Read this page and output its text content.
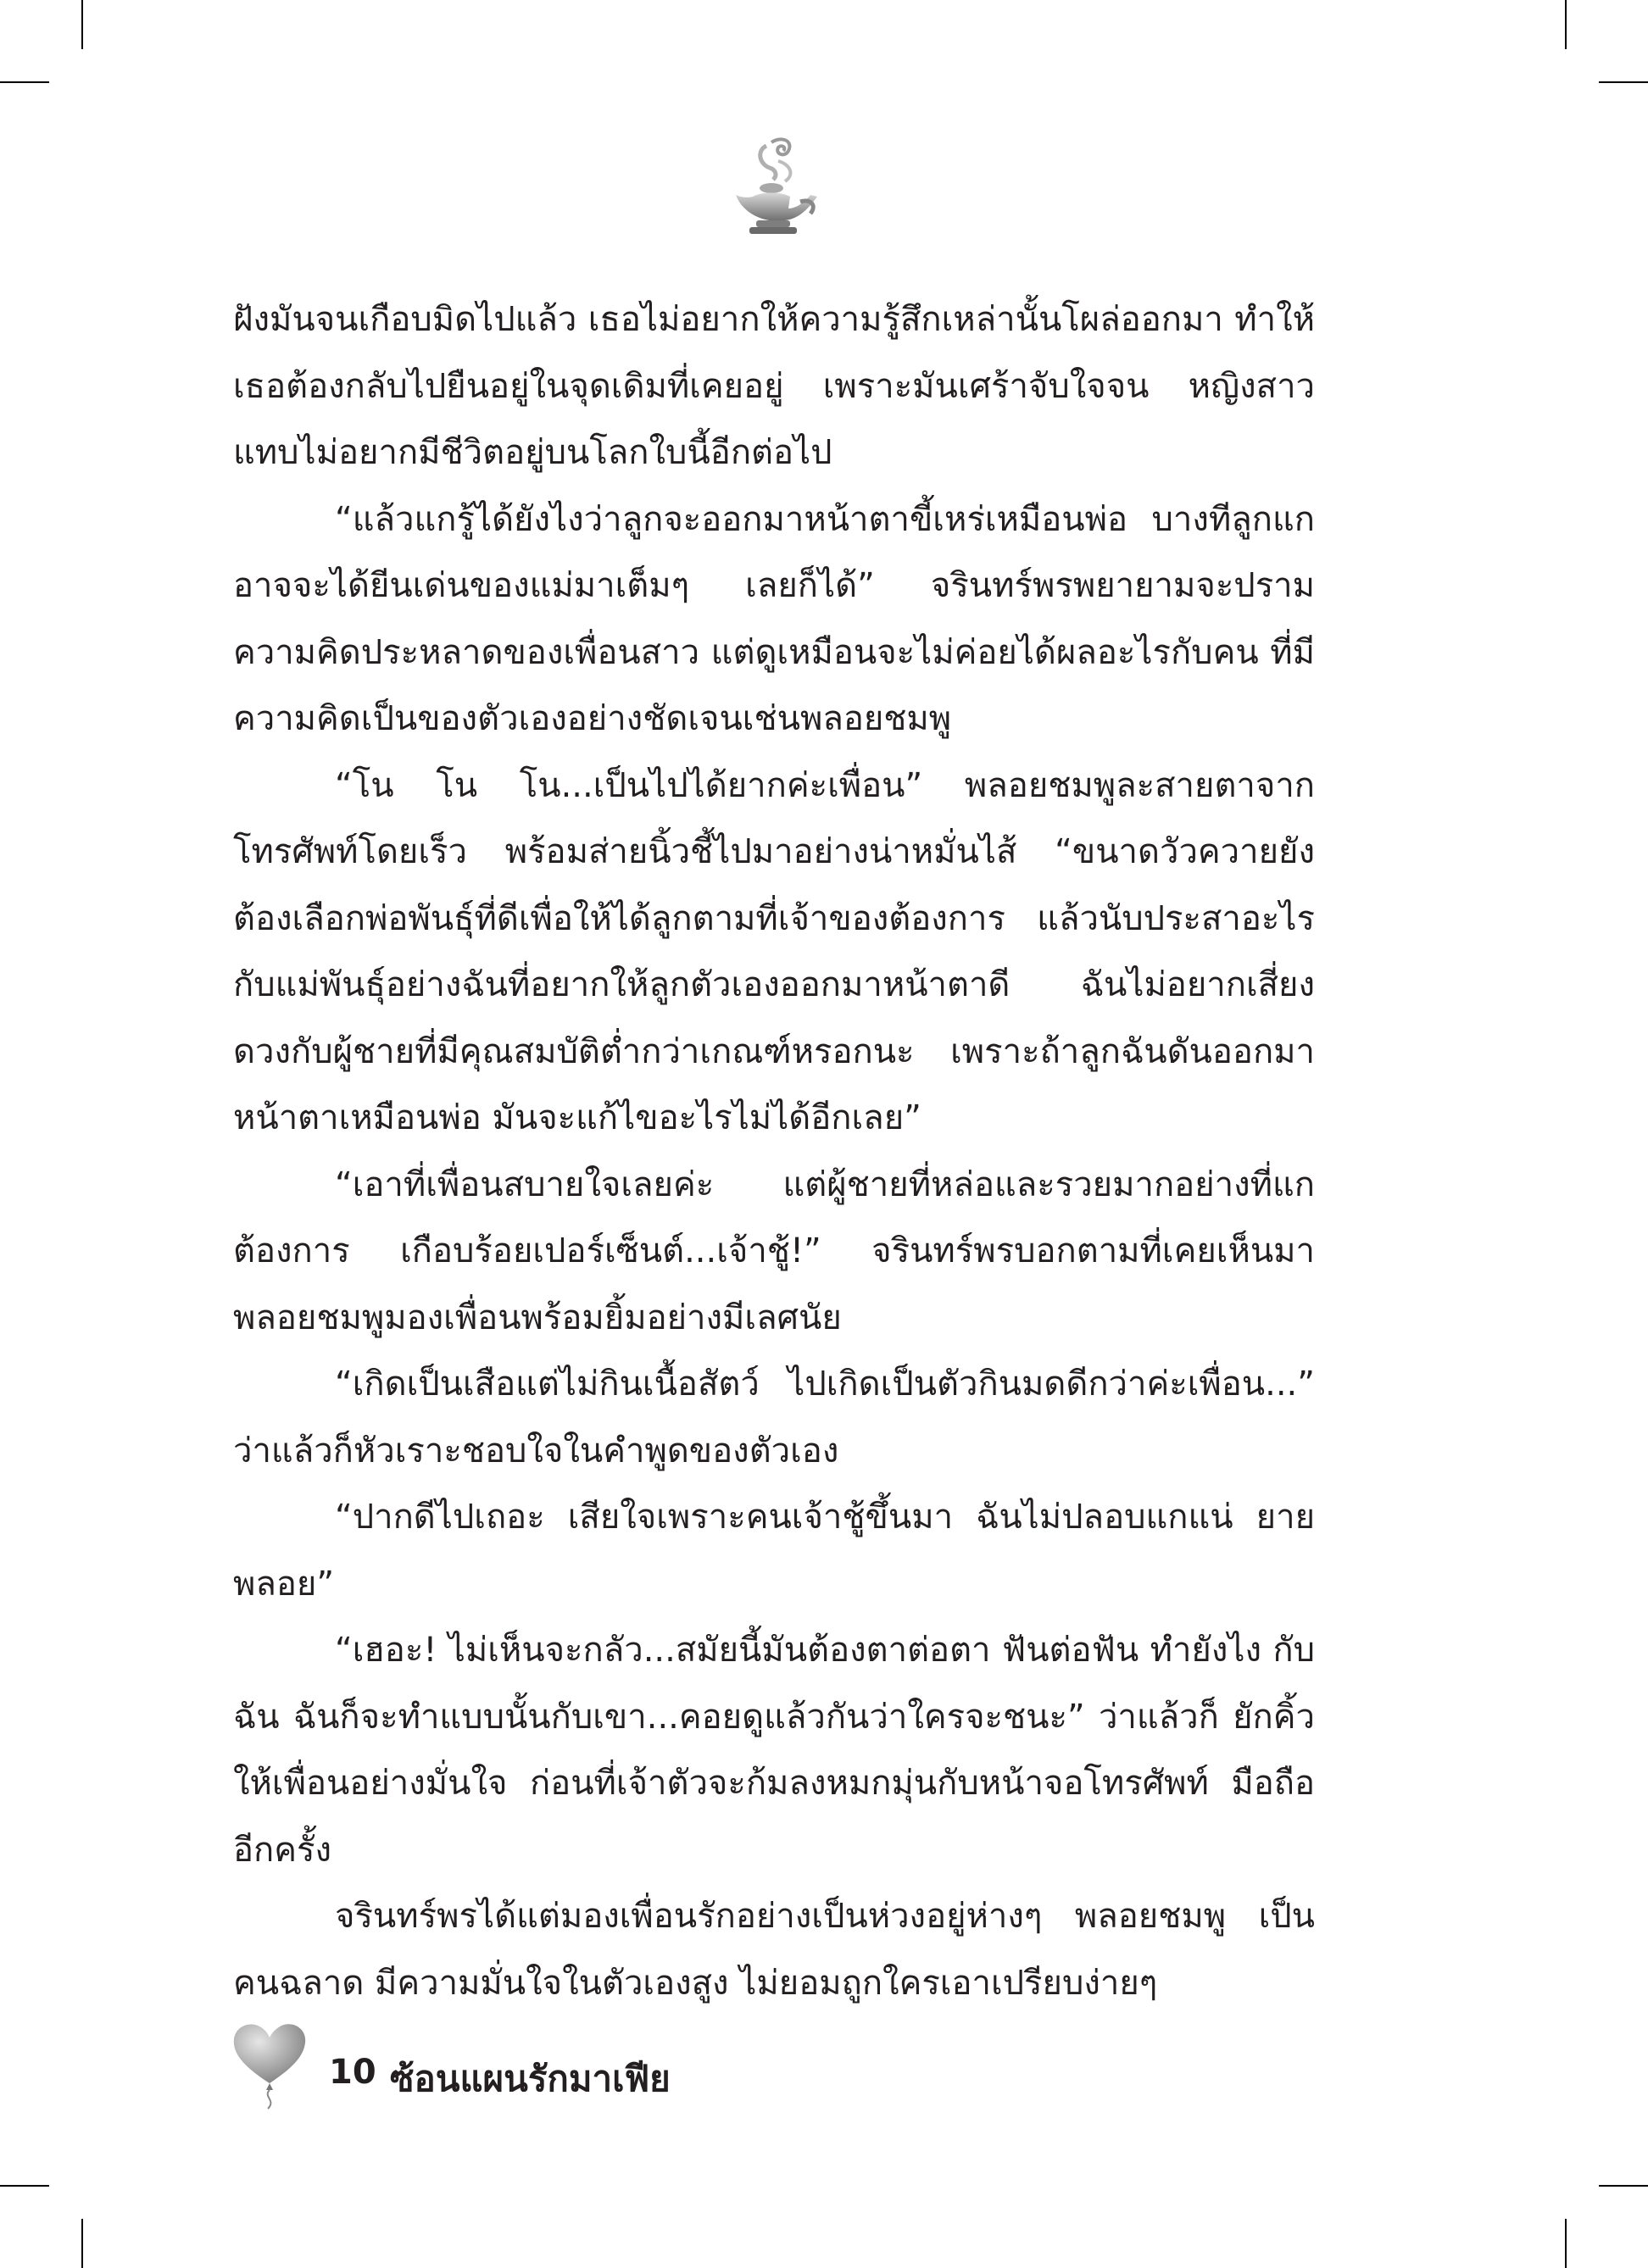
ฝังมันจนเกือบมิดไปแล้ว เธอไม่อยากให้ความรู้สึกเหล่านั้นโผล่ออกมา ทำให้เธอต้องกลับไปยืนอยู่ในจุดเดิมที่เคยอยู่ เพราะมันเศร้าจับใจจน หญิงสาวแทบไม่อยากมีชีวิตอยู่บนโลกใบนี้อีกต่อไป

“แล้วแกรู้ได้ยังไงว่าลูกจะออกมาหน้าตาขี้เหร่เหมือนพ่อ บางทีลูกแก อาจจะได้ยีนเด่นของแม่มาเต็มๆ เลยก็ได้” จรินทร์พรพยายามจะปราม ความคิดประหลาดของเพื่อนสาว แต่ดูเหมือนจะไม่ค่อยได้ผลอะไรกับคน ที่มีความคิดเป็นของตัวเองอย่างชัดเจนเช่นพลอยชมพู

“โน โน โน...เป็นไปได้ยากค่ะเพื่อน” พลอยชมพูละสายตาจาก โทรศัพท์โดยเร็ว พร้อมส่ายนิ้วชี้ไปมาอย่างน่าหมั่นไส้ “ขนาดวัวควายยัง ต้องเลือกพ่อพันธุ์ที่ดีเพื่อให้ได้ลูกตามที่เจ้าของต้องการ แล้วนับประสาอะไร กับแม่พันธุ์อย่างฉันที่อยากให้ลูกตัวเองออกมาหน้าตาดี ฉันไม่อยากเสี่ยง ดวงกับผู้ชายที่มีคุณสมบัติต่ำกว่าเกณฑ์หรอกนะ เพราะถ้าลูกฉันดันออกมา หน้าตาเหมือนพ่อ มันจะแก้ไขอะไรไม่ได้อีกเลย”

“เอาที่เพื่อนสบายใจเลยค่ะ แต่ผู้ชายที่หล่อและรวยมากอย่างที่แก ต้องการ เกือบร้อยเปอร์เซ็นต์...เจ้าชู้!” จรินทร์พรบอกตามที่เคยเห็นมา พลอยชมพูมองเพื่อนพร้อมยิ้มอย่างมีเลศนัย

“เกิดเป็นเสือแต่ไม่กินเนื้อสัตว์ ไปเกิดเป็นตัวกินมดดีกว่าค่ะเพื่อน...” ว่าแล้วก็หัวเราะชอบใจในคำพูดของตัวเอง

“ปากดีไปเถอะ เสียใจเพราะคนเจ้าชู้ขึ้นมา ฉันไม่ปลอบแกแน่ ยายพลอย”

“เฮอะ! ไม่เห็นจะกลัว...สมัยนี้มันต้องตาต่อตา ฟันต่อฟัน ทำยังไง กับฉัน ฉันก็จะทำแบบนั้นกับเขา...คอยดูแล้วกันว่าใครจะชนะ” ว่าแล้วก็ ยักคิ้วให้เพื่อนอย่างมั่นใจ ก่อนที่เจ้าตัวจะก้มลงหมกมุ่นกับหน้าจอโทรศัพท์ มือถืออีกครั้ง

จรินทร์พรได้แต่มองเพื่อนรักอย่างเป็นห่วงอยู่ห่างๆ พลอยชมพู เป็นคนฉลาด มีความมั่นใจในตัวเองสูง ไม่ยอมถูกใครเอาเปรียบง่ายๆ

10 ซ้อนแผนรักมาเฟีย
